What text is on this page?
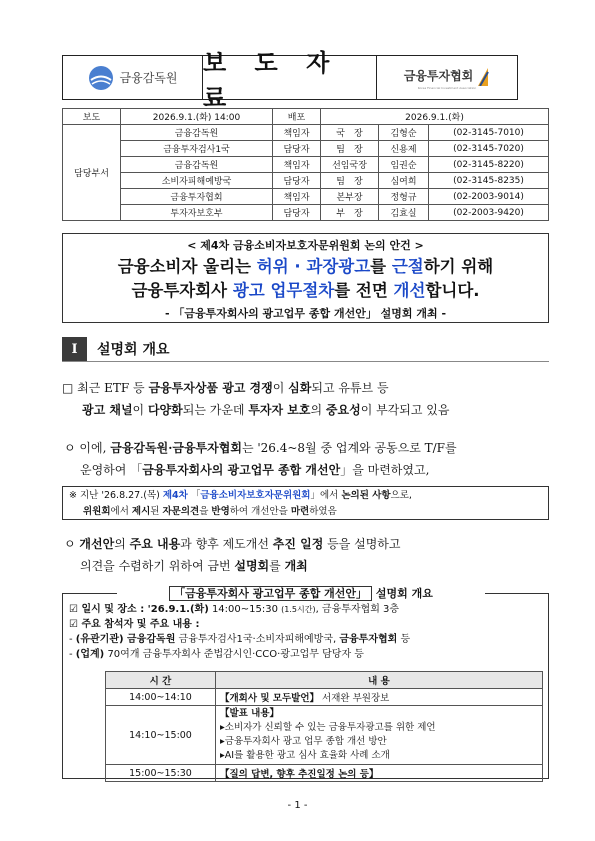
금융감독원
보 도 자 료
금융투자협회
Korea Financial Investment Association
보도	2026.9.1.(화) 14:00	배포	2026.9.1.(화)		
담당부서	금융감독원	책임자	국　장	김형순	(02-3145-7010)
	금융투자검사1국	담당자	팀　장	신용제	(02-3145-7020)
	금융감독원	책임자	선임국장	임권순	(02-3145-8220)
	소비자피해예방국	담당자	팀　장	심여희	(02-3145-8235)
	금융투자협회	책임자	본부장	정형규	(02-2003-9014)
	투자자보호부	담당자	부　장	김효실	(02-2003-9420)
< 제4차 금융소비자보호자문위원회 논의 안건 >
금융소비자 울리는 허위 · 과장광고를 근절하기 위해
금융투자회사 광고 업무절차를 전면 개선합니다.
- 「금융투자회사의 광고업무 종합 개선안」 설명회 개최 -
I	설명회 개요
□ 최근 ETF 등 금융투자상품 광고 경쟁이 심화되고 유튜브 등
광고 채널이 다양화되는 가운데 투자자 보호의 중요성이 부각되고 있음
ㅇ 이에, 금융감독원·금융투자협회는 '26.4~8월 중 업계와 공동으로 T/F를
운영하여 「금융투자회사의 광고업무 종합 개선안」을 마련하였고,
※ 지난 '26.8.27.(목) 제4차 「금융소비자보호자문위원회」에서 논의된 사항으로,
위원회에서 제시된 자문의견을 반영하여 개선안을 마련하였음
ㅇ 개선안의 주요 내용과 향후 제도개선 추진 일정 등을 설명하고
의견을 수렴하기 위하여 금번 설명회를 개최
「금융투자회사 광고업무 종합 개선안」 설명회 개요
☑ 일시 및 장소 : '26.9.1.(화) 14:00~15:30 (1.5시간), 금융투자협회 3층
☑ 주요 참석자 및 주요 내용 :
- (유관기관) 금융감독원 금융투자검사1국·소비자피해예방국, 금융투자협회 등
- (업계) 70여개 금융투자회사 준법감시인·CCO·광고업무 담당자 등
시 간	내 용
14:00~14:10	【개회사 및 모두발언】 서재완 부원장보
14:10~15:00	【발표 내용】
▸소비자가 신뢰할 수 있는 금융투자광고를 위한 제언
▸금융투자회사 광고 업무 종합 개선 방안
▸AI를 활용한 광고 심사 효율화 사례 소개

15:00~15:30	【질의 답변, 향후 추진일정 논의 등】
- 1 -
